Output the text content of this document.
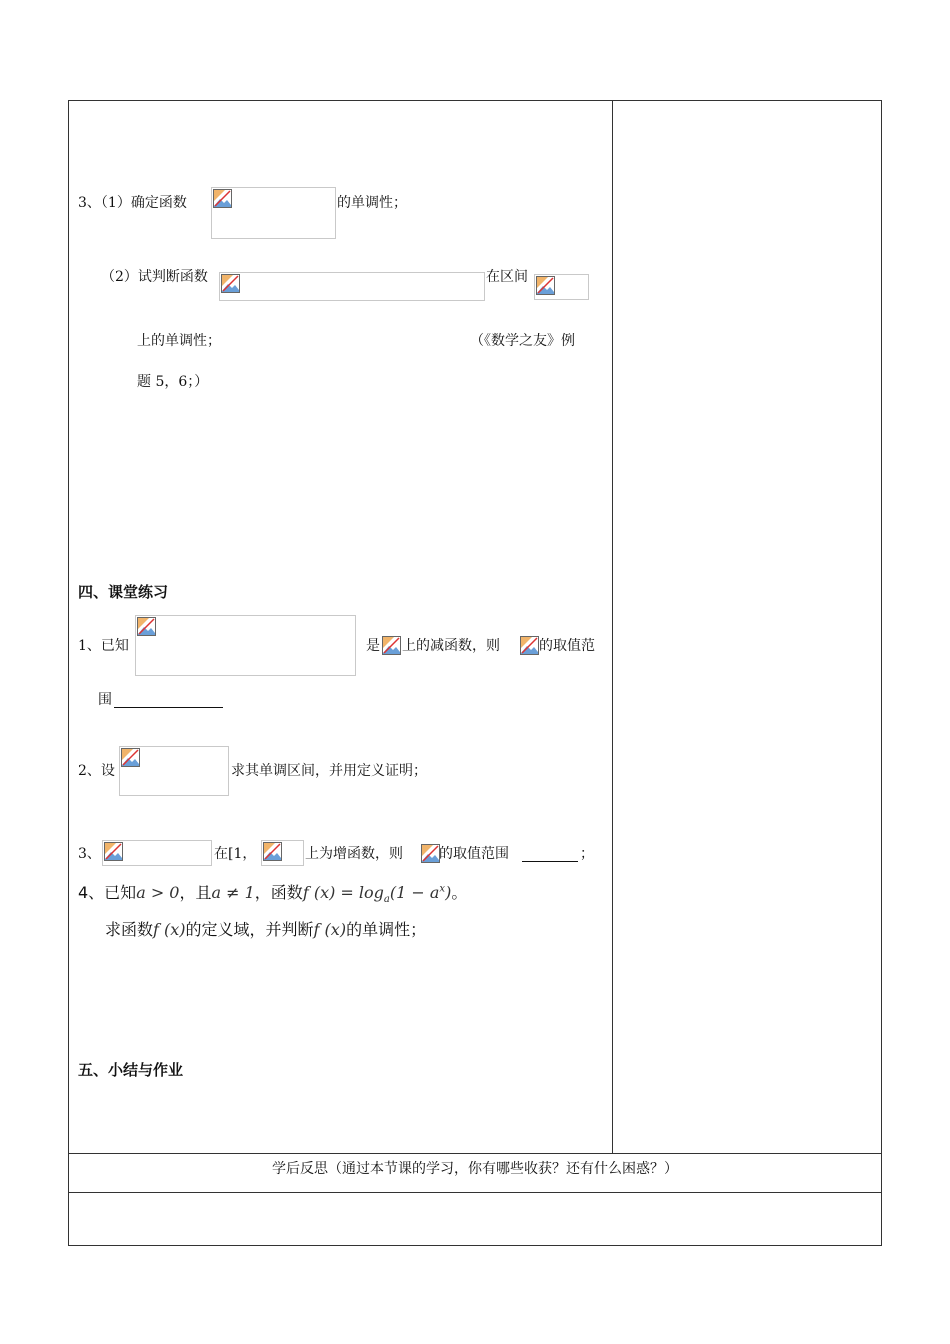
3、（1）确定函数	的单调性；
（2）试判断函数	在区间
上的单调性；	（《数学之友》例
题 5，6；）
四、课堂练习
1、已知	是 上的减函数，则	的取值范
围
2、设	求其单调区间，并用定义证明；
3、	在[1，	上为增函数，则	的取值范围	；
4、已知a > 0，且a ≠ 1，函数f $(x) = \log_a(1 - a^x)$。
求函数f (x)的定义域，并判断f (x)的单调性；
五、小结与作业
学后反思（通过本节课的学习，你有哪些收获？还有什么困惑？）
